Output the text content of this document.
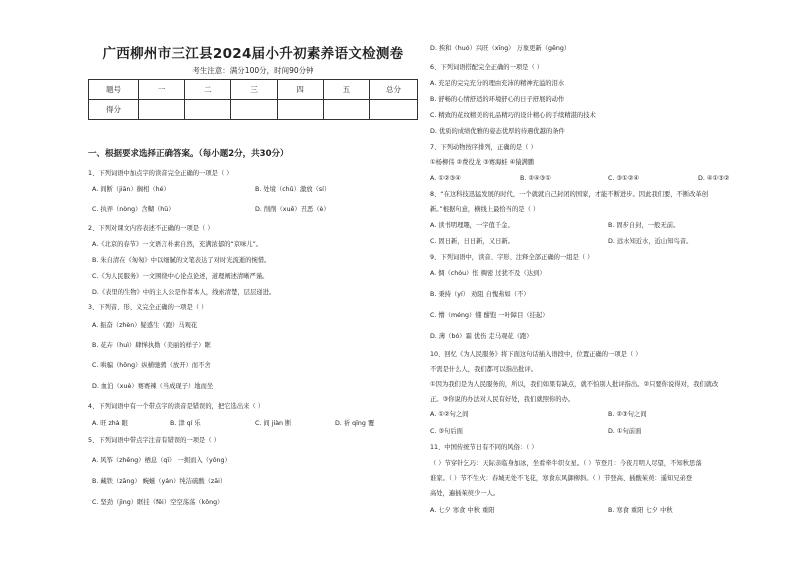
广西柳州市三江县2024届小升初素养语文检测卷
考生注意：满分100分，时间90分钟
题号	一	二	三	四	五	总分
得分						
一、根据要求选择正确答案。（每小题2分，共30分）
1、下列词语中加点字的读音完全正确的一项是（ ）
A. 间断（jiān）搁相（hé）	B. 处境（chǔ）激放（sí）
C. 执弄（nòng）含糊（hū）	D. 削削（xuē）丑恶（è）
2、下列对课文内容表述不正确的一项是（ ）
A.《北京的春节》一文语言朴素自然，充满浓郁的“京味儿”。
B. 朱自清在《匆匆》中以细腻的文笔表达了对时光流逝的惋惜。
C.《为人民服务》一文围绕中心论点论述，道理阐述清晰严谨。
D.《表里的生物》中的主人公是作者本人，线索清楚，层层递进。
3、下列音、形、义完全正确的一项是（ ）
A. 振奋（zhèn）疑惑生（跑）马观花
B. 花卉（huì）肆惮执拗（美丽的样子）眶
C. 哄骗（hǒng）纵横驰骋（放开）而不舍
D. 血泊（xuè）赛赛辣（当成现子）地而坐
4、下列词语中有一个带点字的读音是错误的，把它选出来（ ）
A. 旺 zhà 眼	B. 津 qí 乐	C. 间 jiàn 断	D. 祈 qīng 覆
5、下列词语中带点字注音有错误的一项是（ ）
A. 风筝（zhēng）栖息（qī） 一拥而入（yōng）
B. 藏铁（zāng） 蜿蜒（yán）纯洁硫酸（zāi）
C. 坚劲（jìng）眶挂（fěi）空空荡荡（kōng）
D. 挨和（huó）兴旺（xīng） 万象更新（gēng）
6、下列词语搭配完全正确的一项是（ ）
A. 充足的完完充分的理由充沛的精神充溢的泪水
B. 舒畅的心情舒适的环境舒心的日子舒展的动作
C. 精致的花纹精美的礼品精巧的设计精心的手续精湛的技术
D. 优质的成绩优雅的姿态优厚的待遇优越的条件
7、下列动物按序排列，正确的是（ ）
①杨柳伟 ②费役龙 ③赛海蛙 ④猿满鹏
A. ①②③④	B. ②④③①	C. ③①②④	D. ④①③②
8、“在这科技迅猛发展的时代，一个就就自己封闭的国家，才能不断进步。因此我们要，不断改革创
新。”根据句意，横线上最恰当的是（ ）
A. 读书明理趣，一字值千金。	B. 固步自封，一般无前。
C. 固日新，日日新，又日新。	D. 远水知近水，近山知鸟音。
9、下列词语中，读音、字形、注释全部正确的一组是（ ）
A. 惆（chóu）怅 稠密 过犹不及（达到）
B. 秉持（yí） 劝阻 自愧弗如（不）
C. 懵（méng）懂 酣饱 一叶障目（挂起）
D. 薄（bó）霜 优伤 走马观花（跑）
10、回忆《为人民服务》将下面这句话插入语段中，位置正确的一项是（ ）
不需是什么人，我们都可以指出批评。
①因为我们是为人民服务的，所以，我们如果有缺点，就不怕别人批评指出。②只要你说得对，我们就改
正。③你说的办法对人民有好处，我们就照你的办。
A. ①②句之间	B. ②③句之间
C. ③句后面	D. ①句前面
11、中国传统节日有不同的风俗：（ ）
（ ）节穿针乞巧：天际亲临身加冰，坐看牵牛织女星。（ ）节登月：今夜月明人尽望，不知秋思落
谁家。（ ）节不生火：春城无处不飞花，寒食东风御柳斜。（ ）节登高、插酸茱萸：遥知兄弟登
高处，遍插茱萸少一人。
A. 七夕 寒食 中秋 重阳	B. 寒食 重阳 七夕 中秋
